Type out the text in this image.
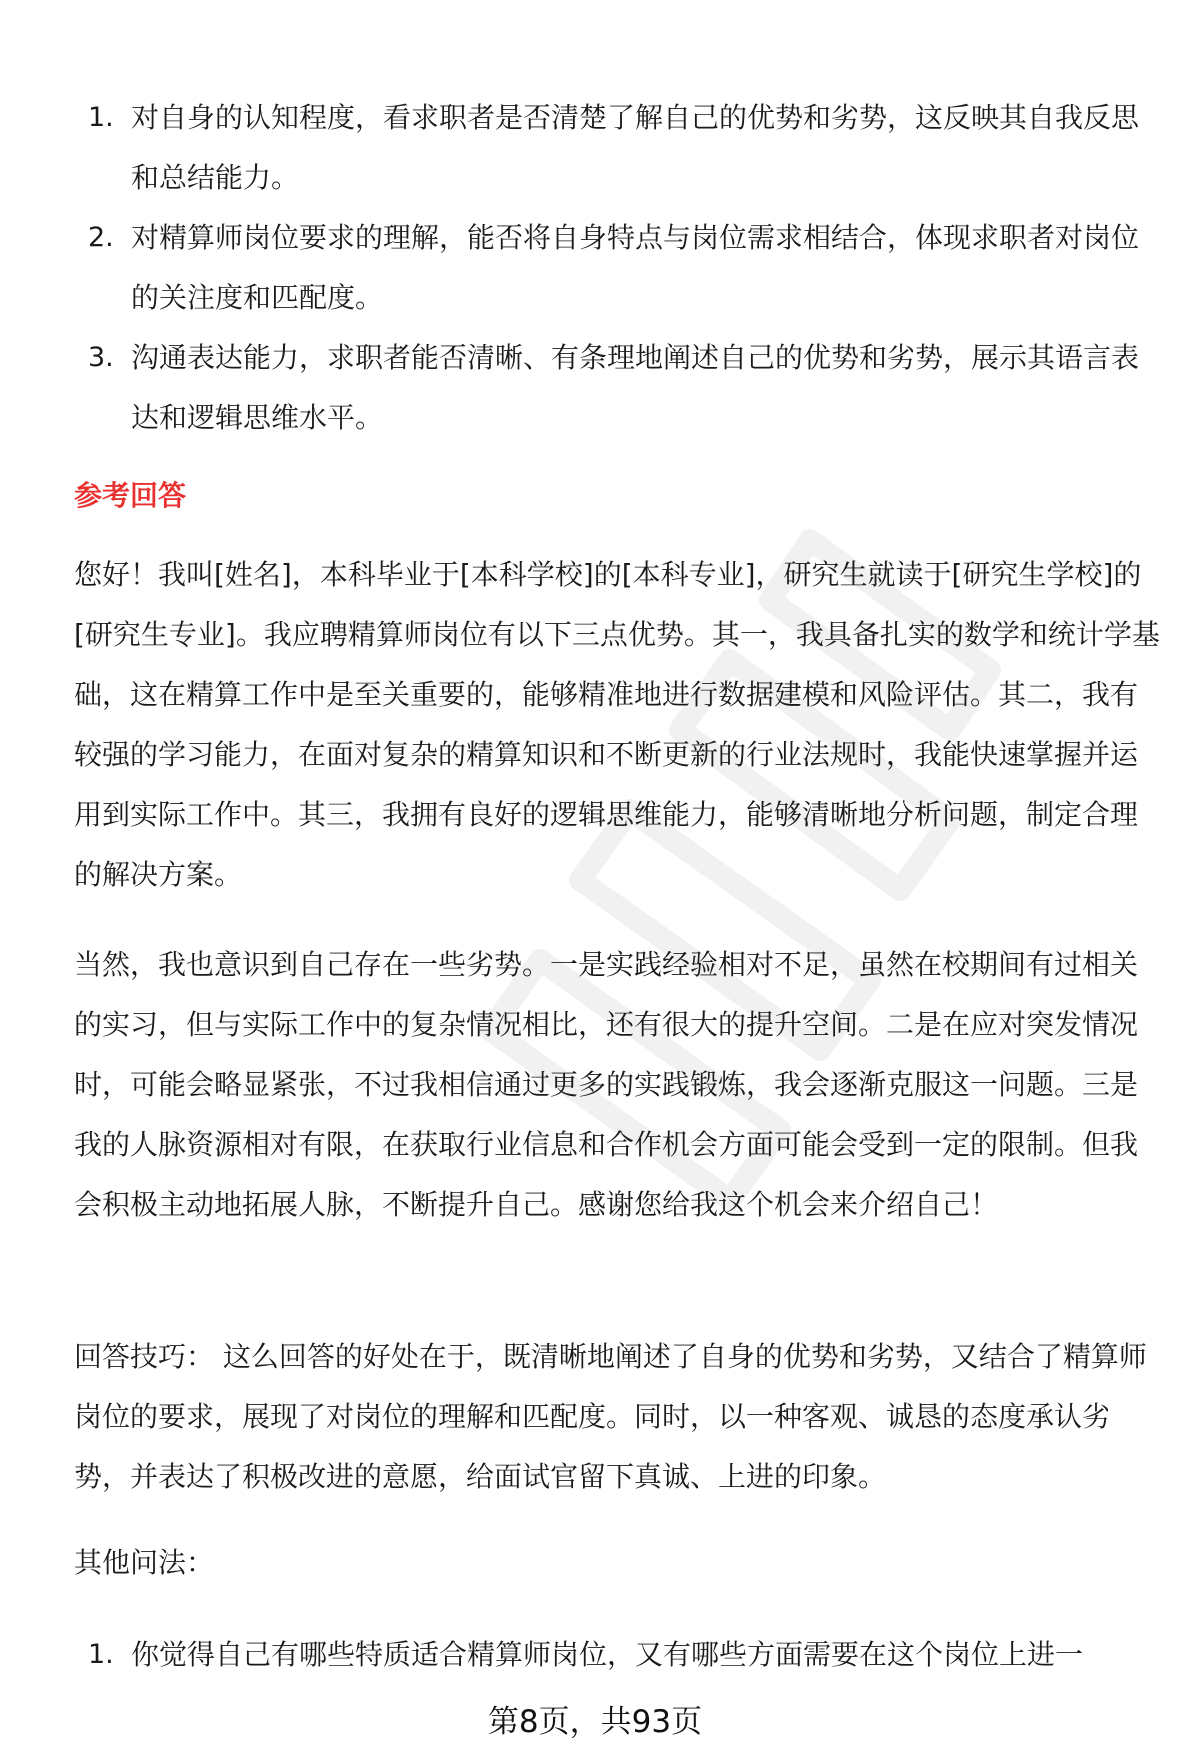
1. 对自身的认知程度，看求职者是否清楚了解自己的优势和劣势，这反映其自我反思和总结能力。
2. 对精算师岗位要求的理解，能否将自身特点与岗位需求相结合，体现求职者对岗位的关注度和匹配度。
3. 沟通表达能力，求职者能否清晰、有条理地阐述自己的优势和劣势，展示其语言表达和逻辑思维水平。
参考回答

您好！我叫[姓名]，本科毕业于[本科学校]的[本科专业]，研究生就读于[研究生学校]的[研究生专业]。我应聘精算师岗位有以下三点优势。其一，我具备扎实的数学和统计学基础，这在精算工作中是至关重要的，能够精准地进行数据建模和风险评估。其二，我有较强的学习能力，在面对复杂的精算知识和不断更新的行业法规时，我能快速掌握并运用到实际工作中。其三，我拥有良好的逻辑思维能力，能够清晰地分析问题，制定合理的解决方案。

当然，我也意识到自己存在一些劣势。一是实践经验相对不足，虽然在校期间有过相关的实习，但与实际工作中的复杂情况相比，还有很大的提升空间。二是在应对突发情况时，可能会略显紧张，不过我相信通过更多的实践锻炼，我会逐渐克服这一问题。三是我的人脉资源相对有限，在获取行业信息和合作机会方面可能会受到一定的限制。但我会积极主动地拓展人脉，不断提升自己。感谢您给我这个机会来介绍自己！

回答技巧： 这么回答的好处在于，既清晰地阐述了自身的优势和劣势，又结合了精算师岗位的要求，展现了对岗位的理解和匹配度。同时，以一种客观、诚恳的态度承认劣势，并表达了积极改进的意愿，给面试官留下真诚、上进的印象。

其他问法：

1. 你觉得自己有哪些特质适合精算师岗位，又有哪些方面需要在这个岗位上进一
第8页，共93页
